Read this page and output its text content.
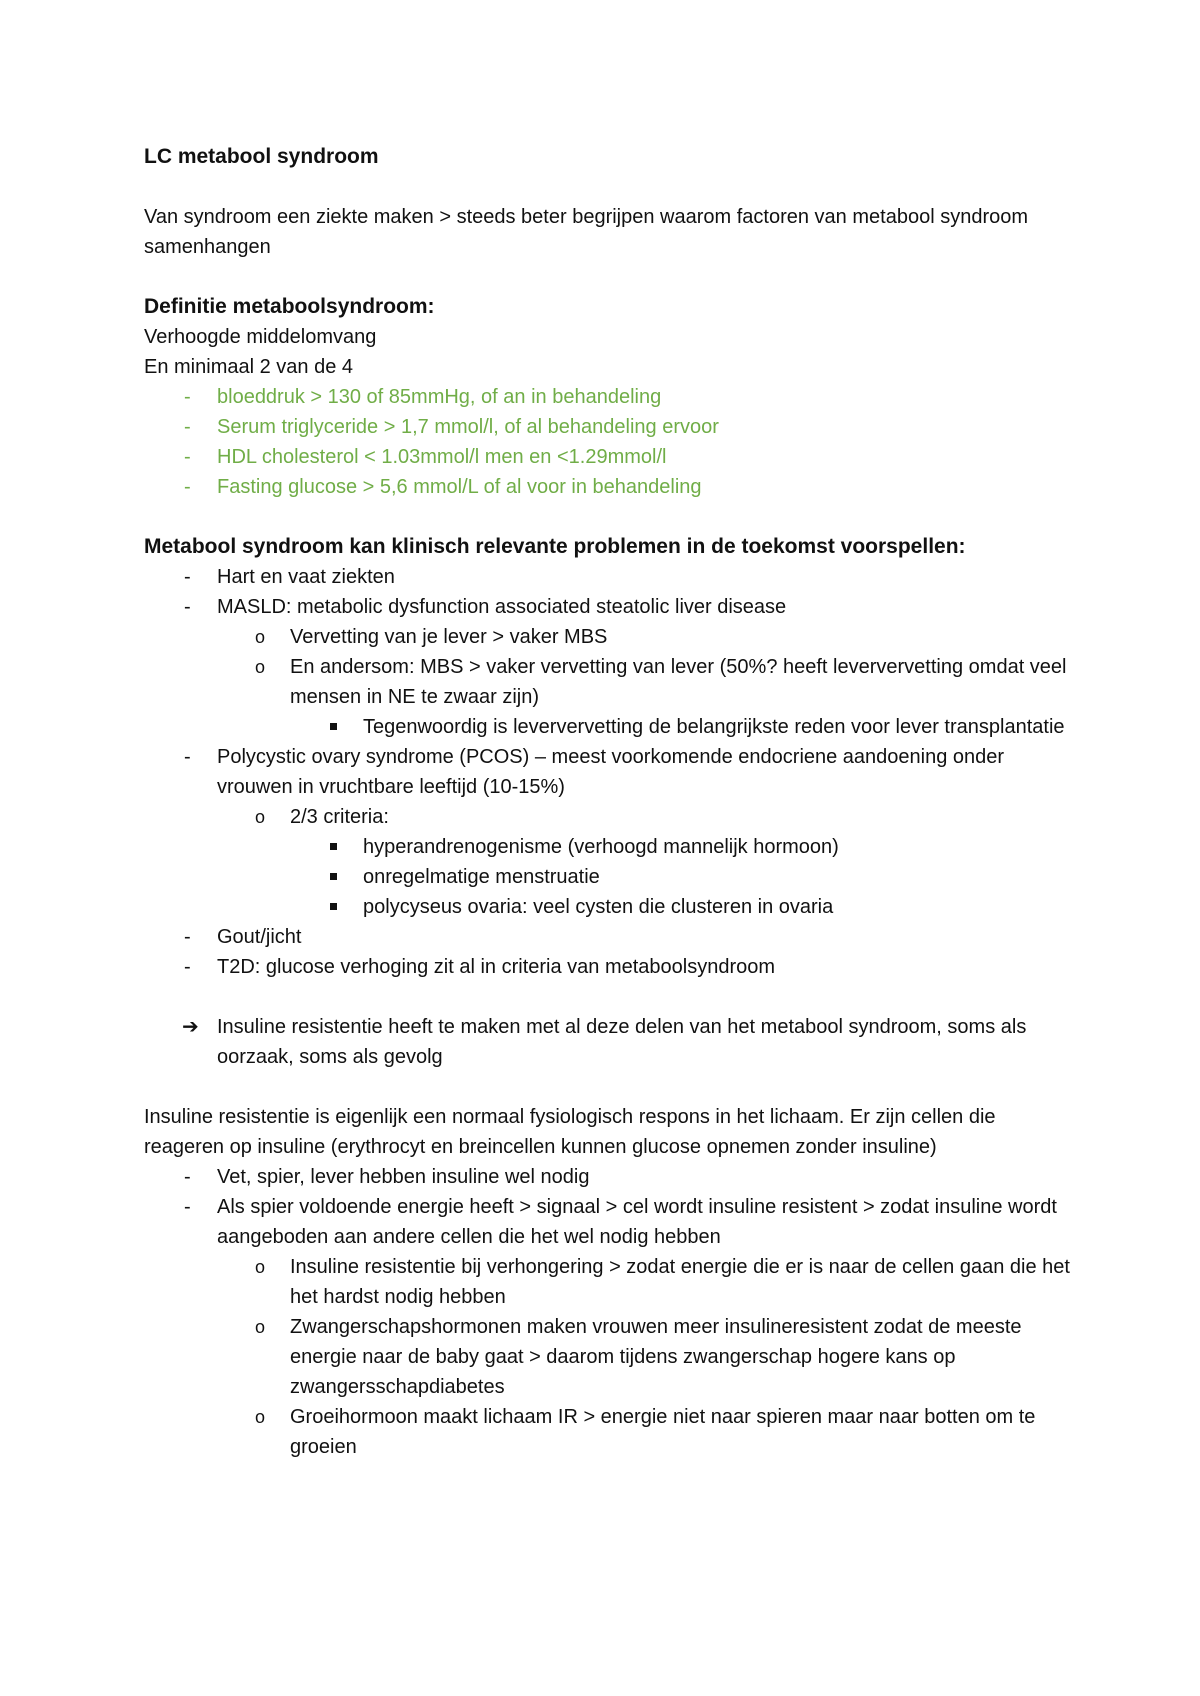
LC metabool syndroom

Van syndroom een ziekte maken > steeds beter begrijpen waarom factoren van metabool syndroom samenhangen

Definitie metaboolsyndroom:
Verhoogde middelomvang
En minimaal 2 van de 4
- bloeddruk > 130 of 85mmHg, of an in behandeling
- Serum triglyceride > 1,7 mmol/l, of al behandeling ervoor
- HDL cholesterol < 1.03mmol/l men en <1.29mmol/l
- Fasting glucose > 5,6 mmol/L of al voor in behandeling
Metabool syndroom kan klinisch relevante problemen in de toekomst voorspellen:
- Hart en vaat ziekten
- MASLD: metabolic dysfunction associated steatolic liver disease
o Vervetting van je lever > vaker MBS
o En andersom: MBS > vaker vervetting van lever (50%? heeft leververvetting omdat veel mensen in NE te zwaar zijn)
Tegenwoordig is leververvetting de belangrijkste reden voor lever transplantatie
- Polycystic ovary syndrome (PCOS) – meest voorkomende endocriene aandoening onder vrouwen in vruchtbare leeftijd (10-15%)
o 2/3 criteria:
hyperandrenogenisme (verhoogd mannelijk hormoon)
onregelmatige menstruatie
polycyseus ovaria: veel cysten die clusteren in ovaria
- Gout/jicht
- T2D: glucose verhoging zit al in criteria van metaboolsyndroom
➔ Insuline resistentie heeft te maken met al deze delen van het metabool syndroom, soms als oorzaak, soms als gevolg

Insuline resistentie is eigenlijk een normaal fysiologisch respons in het lichaam. Er zijn cellen die reageren op insuline (erythrocyt en breincellen kunnen glucose opnemen zonder insuline)

- Vet, spier, lever hebben insuline wel nodig
- Als spier voldoende energie heeft > signaal > cel wordt insuline resistent > zodat insuline wordt aangeboden aan andere cellen die het wel nodig hebben
o Insuline resistentie bij verhongering > zodat energie die er is naar de cellen gaan die het het hardst nodig hebben
o Zwangerschapshormonen maken vrouwen meer insulineresistent zodat de meeste energie naar de baby gaat > daarom tijdens zwangerschap hogere kans op zwangersschapdiabetes
o Groeihormoon maakt lichaam IR > energie niet naar spieren maar naar botten om te groeien
